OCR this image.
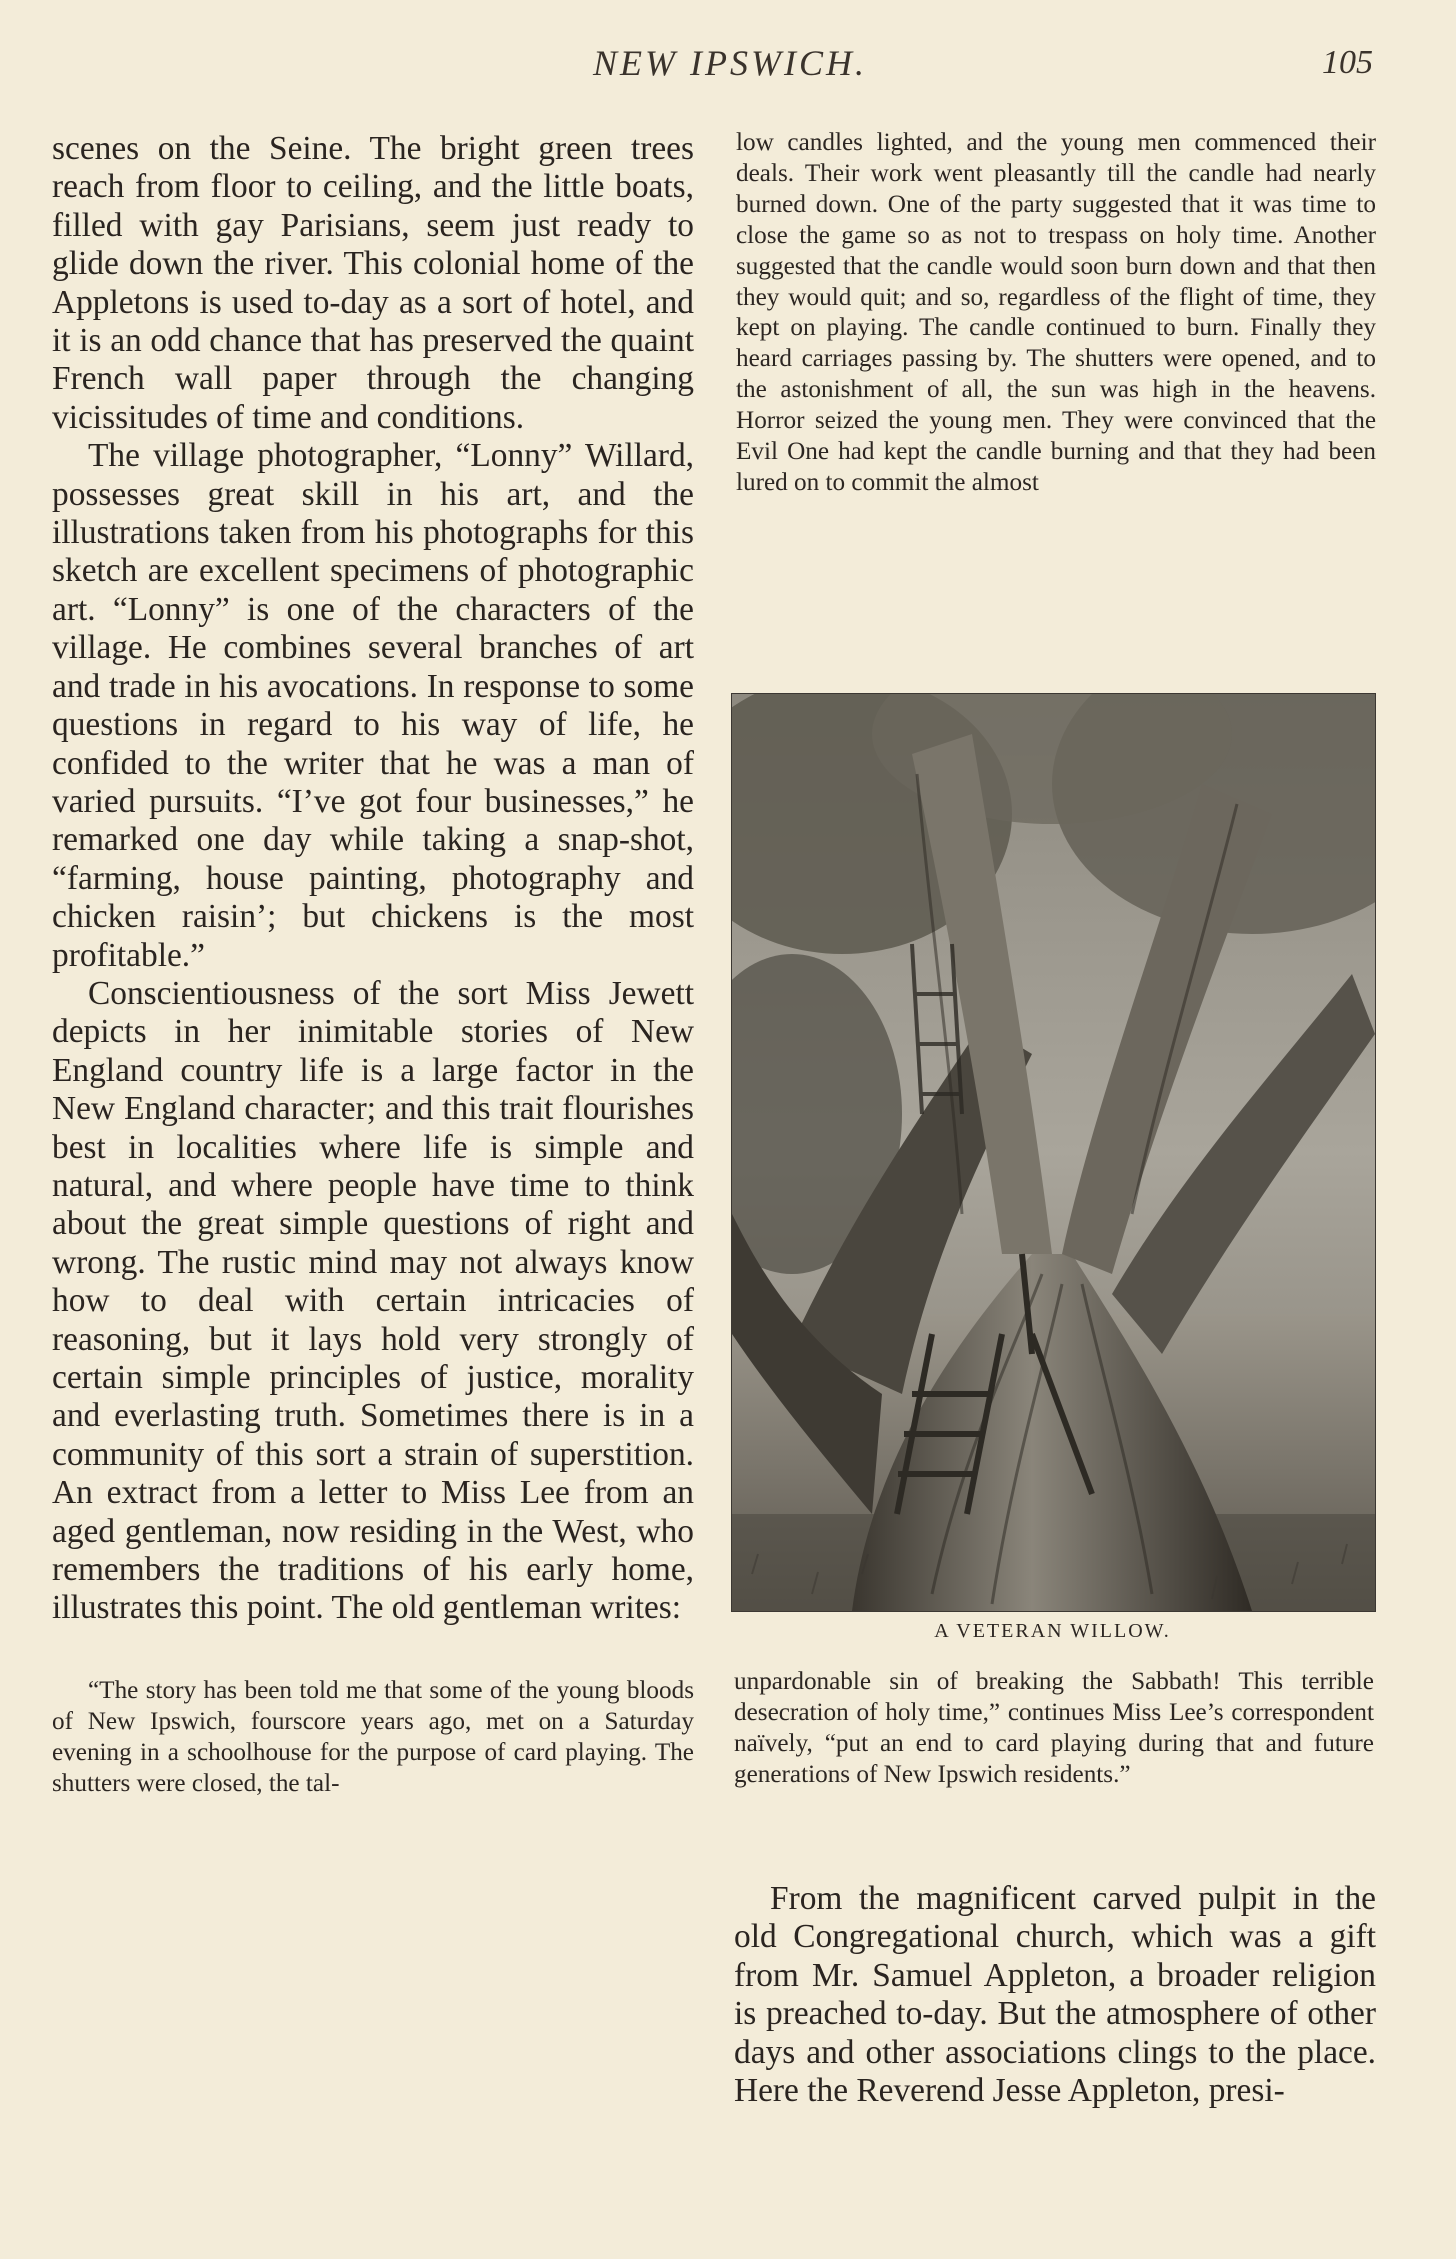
NEW IPSWICH.	105

scenes on the Seine. The bright green trees reach from floor to ceiling, and the little boats, filled with gay Parisians, seem just ready to glide down the river. This colonial home of the Appletons is used to-day as a sort of hotel, and it is an odd chance that has preserved the quaint French wall paper through the changing vicissitudes of time and conditions.

The village photographer, “Lonny” Willard, possesses great skill in his art, and the illustrations taken from his photographs for this sketch are excellent specimens of photographic art. “Lonny” is one of the characters of the village. He combines several branches of art and trade in his avocations. In response to some questions in regard to his way of life, he confided to the writer that he was a man of varied pursuits. “I’ve got four businesses,” he remarked one day while taking a snap-shot, “farming, house painting, photography and chicken raisin’; but chickens is the most profitable.”

Conscientiousness of the sort Miss Jewett depicts in her inimitable stories of New England country life is a large factor in the New England character; and this trait flourishes best in localities where life is simple and natural, and where people have time to think about the great simple questions of right and wrong. The rustic mind may not always know how to deal with certain intricacies of reasoning, but it lays hold very strongly of certain simple principles of justice, morality and everlasting truth. Sometimes there is in a community of this sort a strain of superstition. An extract from a letter to Miss Lee from an aged gentleman, now residing in the West, who remembers the traditions of his early home, illustrates this point. The old gentleman writes:

“The story has been told me that some of the young bloods of New Ipswich, fourscore years ago, met on a Saturday evening in a schoolhouse for the purpose of card playing. The shutters were closed, the tal-

low candles lighted, and the young men commenced their deals. Their work went pleasantly till the candle had nearly burned down. One of the party suggested that it was time to close the game so as not to trespass on holy time. Another suggested that the candle would soon burn down and that then they would quit; and so, regardless of the flight of time, they kept on playing. The candle continued to burn. Finally they heard carriages passing by. The shutters were opened, and to the astonishment of all, the sun was high in the heavens. Horror seized the young men. They were convinced that the Evil One had kept the candle burning and that they had been lured on to commit the almost

A VETERAN WILLOW.

unpardonable sin of breaking the Sabbath! This terrible desecration of holy time,” continues Miss Lee’s correspondent naïvely, “put an end to card playing during that and future generations of New Ipswich residents.”

From the magnificent carved pulpit in the old Congregational church, which was a gift from Mr. Samuel Appleton, a broader religion is preached to-day. But the atmosphere of other days and other associations clings to the place. Here the Reverend Jesse Appleton, presi-
